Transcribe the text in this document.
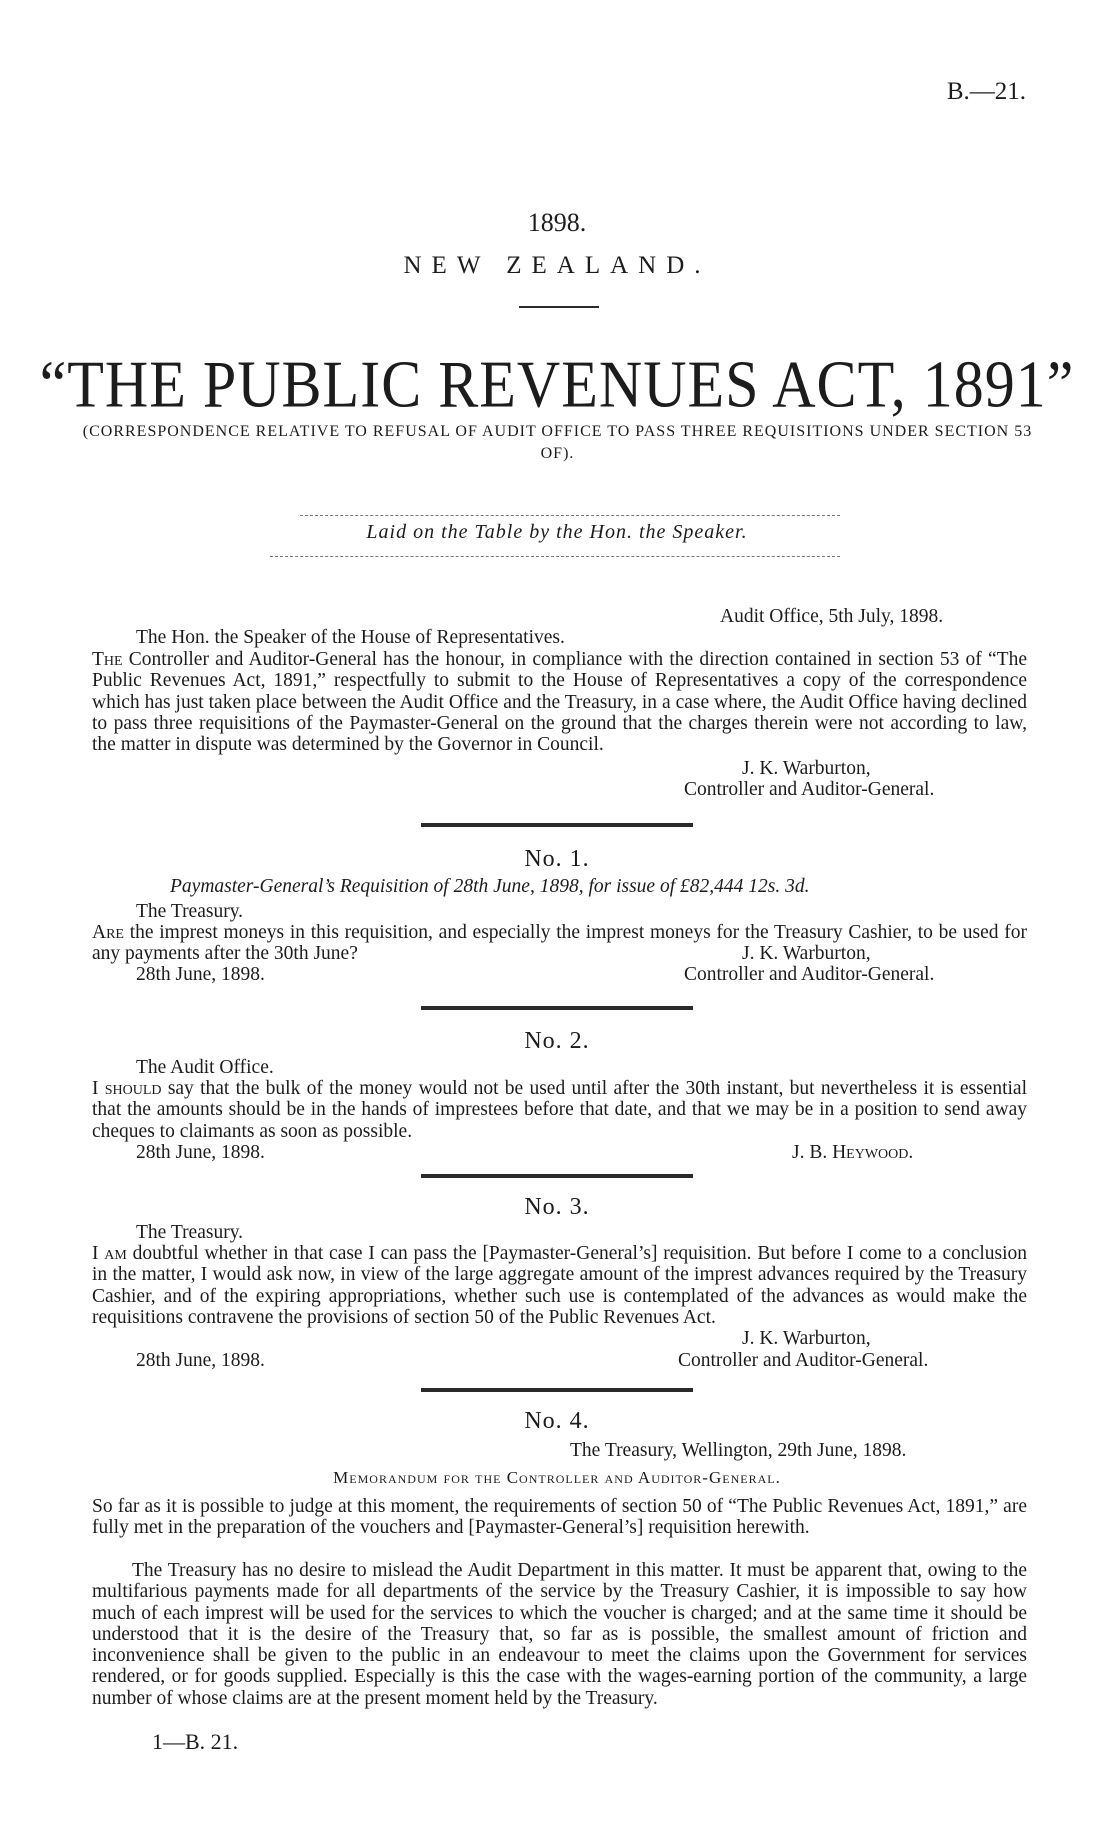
B.—21.
1898.
NEW ZEALAND.
“THE PUBLIC REVENUES ACT, 1891”
(CORRESPONDENCE RELATIVE TO REFUSAL OF AUDIT OFFICE TO PASS THREE REQUISITIONS UNDER SECTION 53 OF).
Laid on the Table by the Hon. the Speaker.
Audit Office, 5th July, 1898.
The Hon. the Speaker of the House of Representatives.
The Controller and Auditor-General has the honour, in compliance with the direction contained in section 53 of “The Public Revenues Act, 1891,” respectfully to submit to the House of Representatives a copy of the correspondence which has just taken place between the Audit Office and the Treasury, in a case where, the Audit Office having declined to pass three requisitions of the Paymaster-General on the ground that the charges therein were not according to law, the matter in dispute was determined by the Governor in Council.
J. K. Warburton,
Controller and Auditor-General.
No. 1.
Paymaster-General’s Requisition of 28th June, 1898, for issue of £82,444 12s. 3d.
The Treasury.
Are the imprest moneys in this requisition, and especially the imprest moneys for the Treasury Cashier, to be used for any payments after the 30th June?	J. K. Warburton,
28th June, 1898.	Controller and Auditor-General.
No. 2.
The Audit Office.
I should say that the bulk of the money would not be used until after the 30th instant, but nevertheless it is essential that the amounts should be in the hands of imprestees before that date, and that we may be in a position to send away cheques to claimants as soon as possible.
28th June, 1898.	J. B. Heywood.
No. 3.
The Treasury.
I am doubtful whether in that case I can pass the [Paymaster-General’s] requisition. But before I come to a conclusion in the matter, I would ask now, in view of the large aggregate amount of the imprest advances required by the Treasury Cashier, and of the expiring appropriations, whether such use is contemplated of the advances as would make the requisitions contravene the provisions of section 50 of the Public Revenues Act.
J. K. Warburton,
28th June, 1898.	Controller and Auditor-General.
No. 4.
The Treasury, Wellington, 29th June, 1898.
Memorandum for the Controller and Auditor-General.
So far as it is possible to judge at this moment, the requirements of section 50 of “The Public Revenues Act, 1891,” are fully met in the preparation of the vouchers and [Paymaster-General’s] requisition herewith.
The Treasury has no desire to mislead the Audit Department in this matter. It must be apparent that, owing to the multifarious payments made for all departments of the service by the Treasury Cashier, it is impossible to say how much of each imprest will be used for the services to which the voucher is charged; and at the same time it should be understood that it is the desire of the Treasury that, so far as is possible, the smallest amount of friction and inconvenience shall be given to the public in an endeavour to meet the claims upon the Government for services rendered, or for goods supplied. Especially is this the case with the wages-earning portion of the community, a large number of whose claims are at the present moment held by the Treasury.
1—B. 21.
